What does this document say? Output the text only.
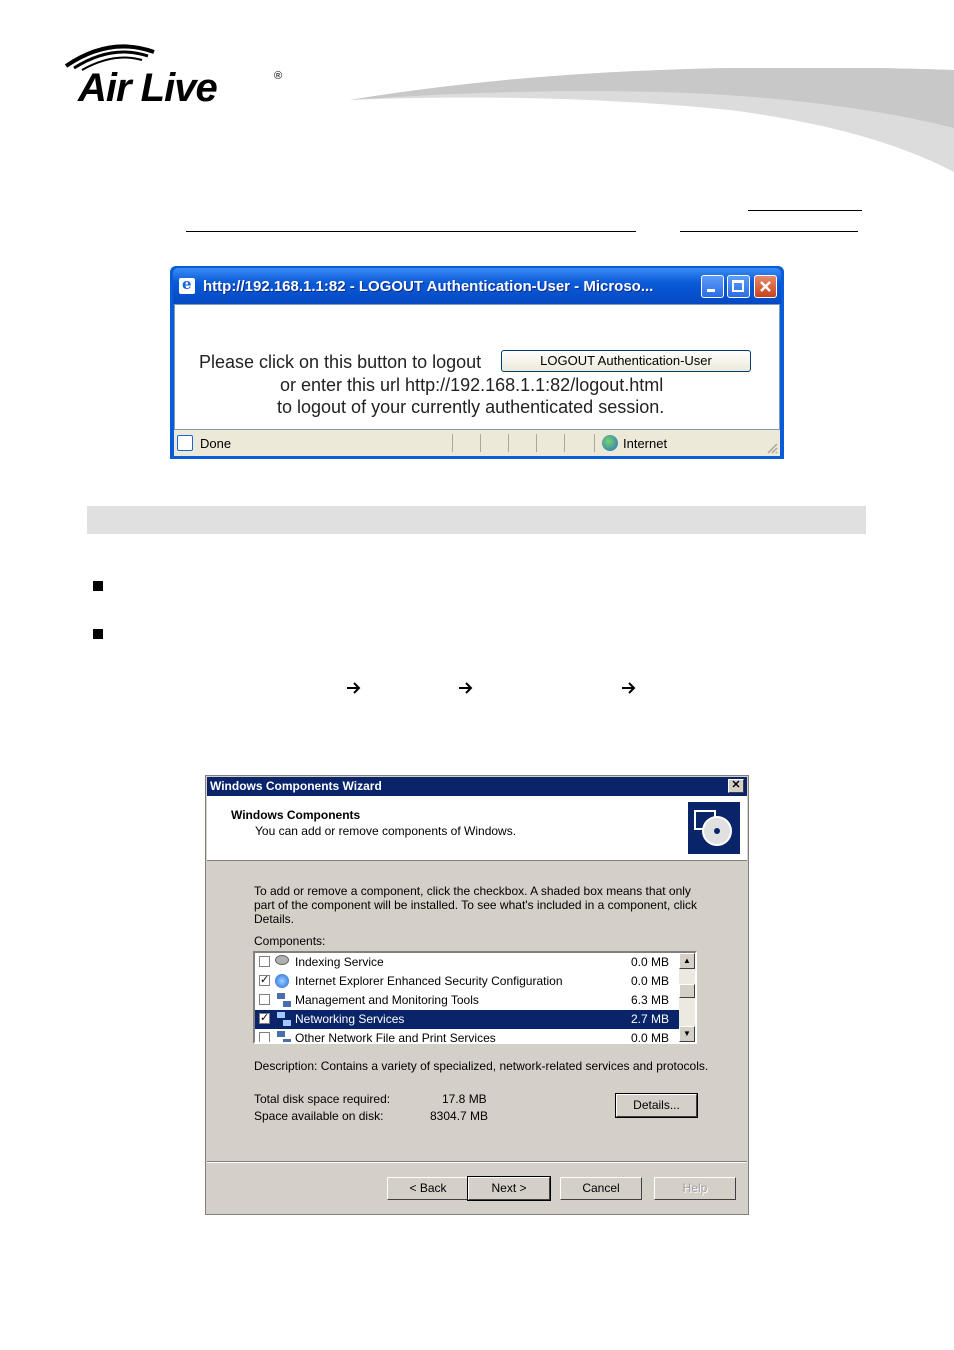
Air Live	®
e
http://192.168.1.1:82 - LOGOUT Authentication-User - Microso...
Please click on this button to logout	LOGOUT Authentication-User
or enter this url http://192.168.1.1:82/logout.html
to logout of your currently authenticated session.
Done	Internet
Windows Components Wizard	✕
Windows Components
You can add or remove components of Windows.
To add or remove a component, click the checkbox. A shaded box means that only
part of the component will be installed. To see what's included in a component, click
Details.
Components:
Indexing Service	0.0 MB
✓ Internet Explorer Enhanced Security Configuration	0.0 MB
Management and Monitoring Tools	6.3 MB
✓ Networking Services	2.7 MB
Other Network File and Print Services	0.0 MB
▲
▼
Description: Contains a variety of specialized, network-related services and protocols.
Total disk space required:	17.8 MB
Space available on disk:	8304.7 MB
Details...
< Back	Next >	Cancel	Help
